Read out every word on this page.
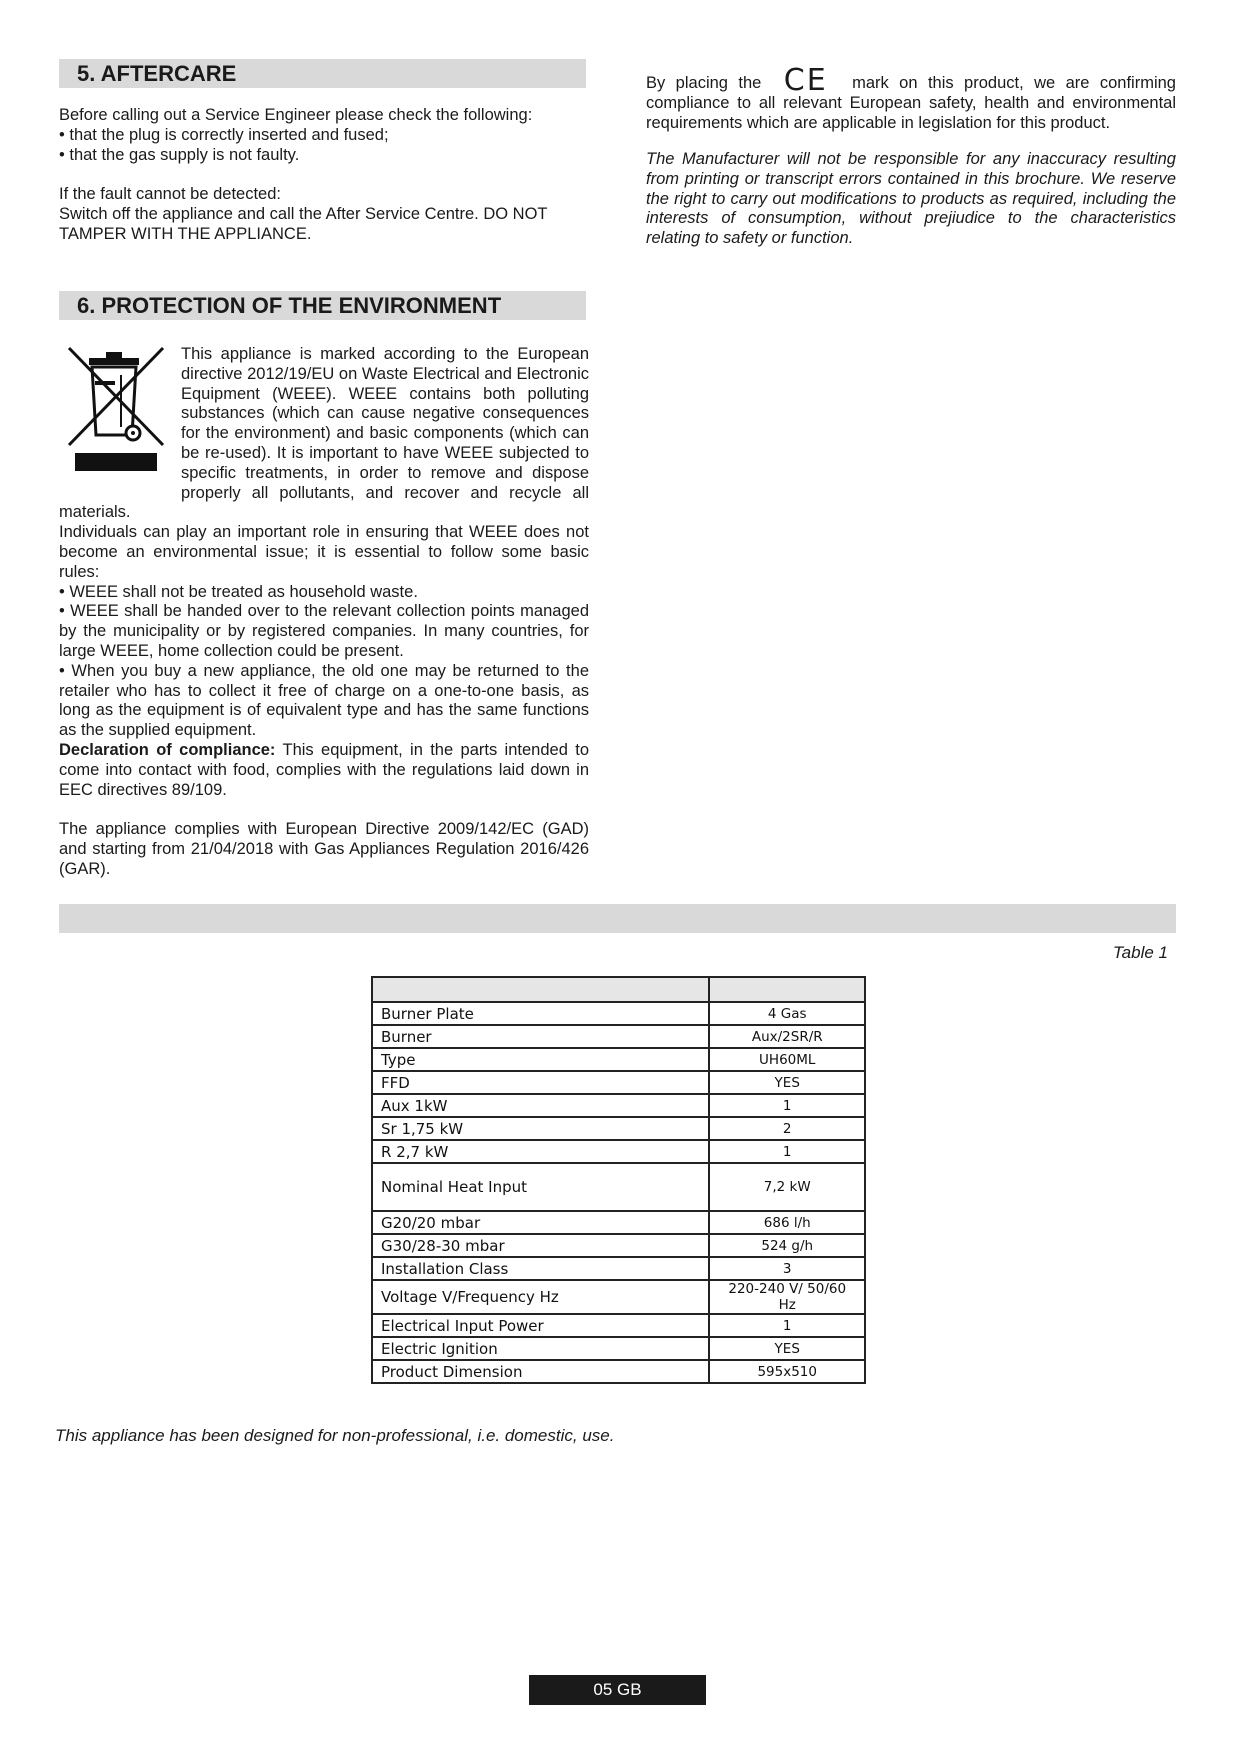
5. AFTERCARE

Before calling out a Service Engineer please check the following:

• that the plug is correctly inserted and fused;

• that the gas supply is not faulty.

If the fault cannot be detected:

Switch off the appliance and call the After Service Centre. DO NOT TAMPER WITH THE APPLIANCE.

By placing the CE mark on this product, we are confirming compliance to all relevant European safety, health and environmental requirements which are applicable in legislation for this product.

The Manufacturer will not be responsible for any inaccuracy resulting from printing or transcript errors contained in this brochure. We reserve the right to carry out modifications to products as required, including the interests of consumption, without prejiudice to the characteristics relating to safety or function.
6. PROTECTION OF THE ENVIRONMENT

This appliance is marked according to the European directive 2012/19/EU on Waste Electrical and Electronic Equipment (WEEE). WEEE contains both polluting substances (which can cause negative consequences for the environment) and basic components (which can be re-used). It is important to have WEEE subjected to specific treatments, in order to remove and dispose properly all pollutants, and recover and recycle all materials.

Individuals can play an important role in ensuring that WEEE does not become an environmental issue; it is essential to follow some basic rules:

• WEEE shall not be treated as household waste.

• WEEE shall be handed over to the relevant collection points managed by the municipality or by registered companies. In many countries, for large WEEE, home collection could be present.

• When you buy a new appliance, the old one may be returned to the retailer who has to collect it free of charge on a one-to-one basis, as long as the equipment is of equivalent type and has the same functions as the supplied equipment.

Declaration of compliance: This equipment, in the parts intended to come into contact with food, complies with the regulations laid down in EEC directives 89/109.

The appliance complies with European Directive 2009/142/EC (GAD) and starting from 21/04/2018 with Gas Appliances Regulation 2016/426 (GAR).

Table 1

Burner Plate	4 Gas
Burner	Aux/2SR/R
Type	UH60ML
FFD	YES
Aux 1kW	1
Sr 1,75 kW	2
R 2,7 kW	1
Nominal Heat Input	7,2 kW
G20/20 mbar	686 l/h
G30/28-30 mbar	524 g/h
Installation Class	3
Voltage V/Frequency Hz	220-240 V/ 50/60 Hz
Electrical Input Power	1
Electric Ignition	YES
Product Dimension	595x510
This appliance has been designed for non-professional, i.e. domestic, use.
05 GB
